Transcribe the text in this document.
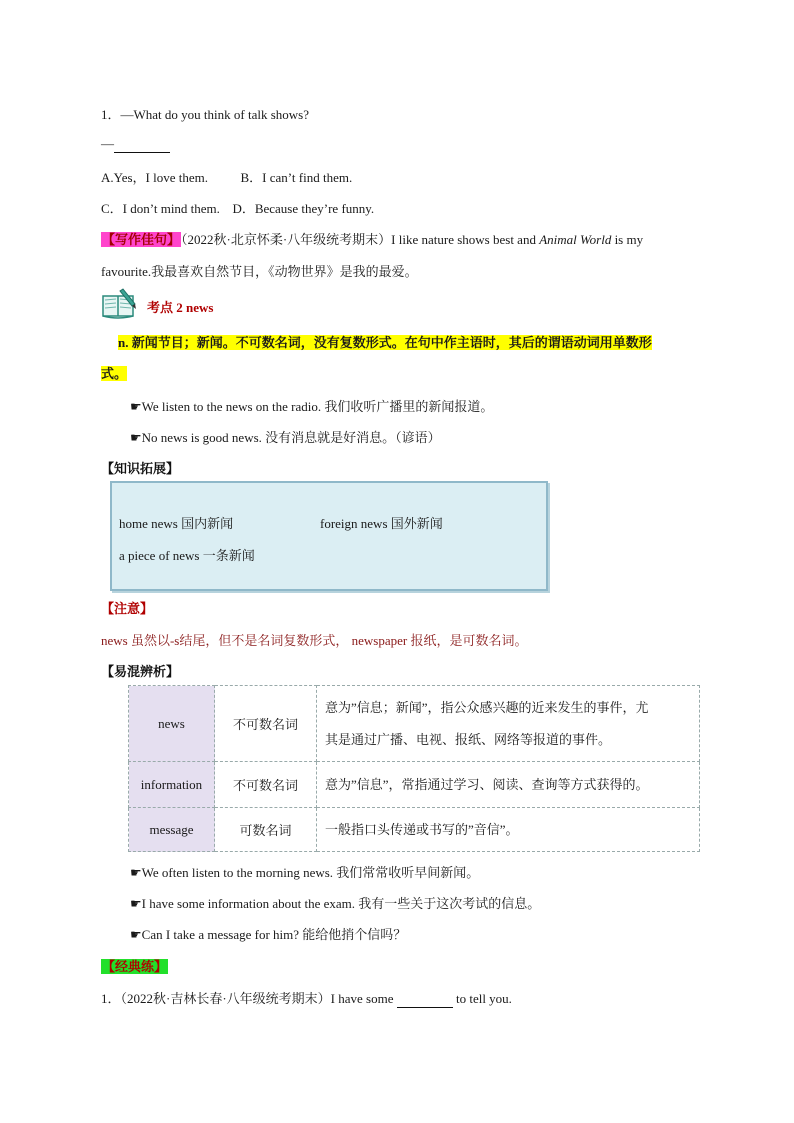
1．—What do you think of talk shows?
—
A.Yes，I love them.	B．I can’t find them.
C．I don’t mind them. D．Because they’re funny.
【写作佳句】（2022秋·北京怀柔·八年级统考期末）I like nature shows best and Animal World is my
favourite.我最喜欢自然节目，《动物世界》是我的最爱。
考点 2 news
n. 新闻节目；新闻。不可数名词，没有复数形式。在句中作主语时，其后的谓语动词用单数形
式。
☛We listen to the news on the radio. 我们收听广播里的新闻报道。
☛No news is good news. 没有消息就是好消息。（谚语）
【知识拓展】
home news 国内新闻	foreign news 国外新闻
a piece of news 一条新闻
【注意】
news 虽然以-s结尾，但不是名词复数形式， newspaper 报纸，是可数名词。
【易混辨析】
news	不可数名词	意为”信息；新闻”，指公众感兴趣的近来发生的事件，尤
其是通过广播、电视、报纸、网络等报道的事件。
information	不可数名词	意为”信息”，常指通过学习、阅读、查询等方式获得的。
message	可数名词	一般指口头传递或书写的”音信”。
☛We often listen to the morning news. 我们常常收听早间新闻。
☛I have some information about the exam. 我有一些关于这次考试的信息。
☛Can I take a message for him? 能给他捎个信吗？
【经典练】
1．（2022秋·吉林长春·八年级统考期末）I have some	to tell you.
